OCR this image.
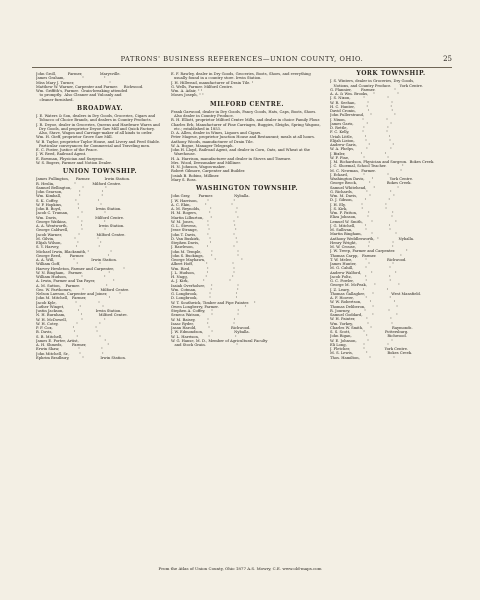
PATRONS' BUSINESS REFERENCES—UNION COUNTY, OHIO.	25
John Groll,          Farmer,               Marysville.
James Graham,               "                 "
Miss Mary J. Turner,                              "
Matthew W. Warner, Carpenter and Farmer.     Richwood.
Wm. Griffith's, Farmer.  Grain-breaking attended
to promptly.  Also Cleaner and Vulcanly and
cleaner furnished.                              "
BROADWAY.
J. E. Waters & Son, dealers in Dry Goods, Groceries, Cigars and Tobacco of Choice Brands, and dealers in Country Products.
J. R. Deyoe, dealer in Groceries, Queens and Hardware Wares and Dry Goods, and proprietor Deyoe Saw Mill and Quick Factory. Also, Stave, Wagon and Carriage-maker of all kinds to order.
Wm. H. Gieff, proprietor Grove Saw Mill.
W. B. Taylor, proprietor Taylor House, and Livery and Feed Stable. Particular conveyances for Commercial and Traveling men.
E. C. Foster, Justice of the Peace.
J. W. Reed, Railroad Agent.
E. Bowman, Physician and Surgeon.
W. S. Bogers, Farmer and Notion Dealer.
UNION TOWNSHIP.
James Fullington,      Farmer.            Irwin Station.
R. Heslin,                 "              Milford Centre.
Samuel Bellington,         "                  "
John Gearson,              "                  "
Wm. Kimball,               "                  "
S. K. Coffey,              "                  "
W. P. Hopkins,             "                  "
John B. Boyd,              "              Irwin Station.
Jacob C. Truman,           "                  "
Wm. Davis,                 "              Milford Centre.
George Watkins,            "                  "
A. A. Wentworth,           "              Irwin Station.
George Caldwell,           "                  "
Jacob Warner,              "              Milford Centre.
M. Gilvin,                 "                  "
Elijah Wilson,             "                  "
S. Y. Harvey,              "                  "
Michael Irwin, Blacksmith, "                  "
George Reed,       Farmer.                    "
A. A. Will,                "              Irwin Station.
William Goff,              "                  "
Harvey Hewleton, Farmer and Carpenter,        "
W. N. Bingham,   Farmer.                      "
William Hudson,            "                  "
A. Irwin, Farmer and Tax Payer,               "
A. M. Sutton,    Farmer.                      "
Geo. W. Farthomrs,         "              Milford Centre.
Nelson Lawson, Carpenter and Joiner,          "
John M. Mitchell,   Farmer,                   "
Jacob Kyle,                "                  "
Luther Winget,             "                  "
Justin Jackson,            "              Irwin Station.
N. H. Burnham,             "              Milford Centre.
W. H. McDowell,            "                  "
W. H. Cotey,               "                  "
P. F. Cox,                 "                  "
B. Davis,                  "                  "
S. B. Mitchell,            "                  "
James E. Porter, Artist,                      "
A. H. Shmeds,        Farmer,                  "
Erwin Shaw,                "                  "
John Mitchell, Sr.,        "                  "
Ephrim Bradbury,           "              Irwin Station.
E. F. Rawley, dealer in Dry Goods, Groceries, Boots, Shoes, and everything usually found in a country store. Irwin Station.
J. H. Hillwead, manufacturer of Drain Tile. "
G. Wells, Farmer. Milford Centre.
Wm. A. Adair, " "
Moses Joseph, " "
MILFORD CENTRE.
Frank Garwood, dealer in Dry Goods, Fancy Goods, Hats, Caps, Boots, Shoes. Also dealer in Country Produce.
R. H. Elliott, proprietor Milford Centre Mills, and dealer in choice Family Flour.
Charles Erb, Manufacturer of Fine Carriages, Buggies, Sleighs, Spring Wagons, etc.; established in 1853.
D. A. Allen, dealer in Wines, Liquors and Cigars.
Peter Magrue, proprietor Junction House and Restaurant; meals at all hours.
Anthony Woods, manufacturer of Drain Tile.
W. A. Bogue, Manager Telegraph.
John H. Lloyd, Railroad Agent, and dealer in Corn, Oats, and Wheat at the Warehouse.
H. A. Harrison, manufacturer and dealer in Stoves and Tinware.
Mrs. Wood, Dressmaker and Milliner.
H. N. Johnson, Wagon-maker.
Robert Gilmore, Carpenter and Builder.
Josiah B. Robins, Milliner.
Mary S. Ross.
WASHINGTON TOWNSHIP.
John Gray,       Farmer.                  Nyballa.
J. W. Harrison,        "                     "
A. C. Ekin,            "                     "
A. M. Reynolds,        "                     "
H. M. Rogers,          "                     "
Martin Lilburton,      "                     "
W. M. Jones,           "                     "
G. L. Stevens,         "                     "
Jesse Strange,         "                     "
John T. Davis,         "                     "
D. Van Buskirk,        "                     "
Stephen Davis,         "                     "
J. Rawleson,           "                     "
John M. Temple,        "                     "
John S. Buckings,      "                     "
George Mayhawn,        "                     "
Albert Hoff,           "                     "
Wm. Ried,              "                     "
J. L. Hudson,          "                     "
H. Nagg,               "                     "
A. J. Kirk,            "                     "
Isaiah Overholser,     "                     "
Wm. Cotman,            "                     "
G. Longbrook,          "                     "
D. Longbrook,          "                     "
W. T. Southwick, Timber and Pipe Painter.    "
Owen Longberry, Farmer.                      "
Stephen A. Coffey,     "                     "
Seneca Watson,         "                     "
W. M. Baisey,          "                     "
Isaac Ryder,           "                     "
Jasan Harold,          "                  Richwood.
J. W. Edmondson,       "                  Nyballa.
W. L. Harrison,        "                     "
W. G. Hanse, M. D., Member of Agricultural Faculty
and Stock Grain.                          "
YORK TOWNSHIP.
J. S. Winters, dealer in Groceries, Dry Goods,
Notions, and Country Produce.       York Centre.
G. Plannier,        Farmer.                "
A. A. & Wm. Brooks,    "                   "
J. S. Nixon,           "                   "
W. R. Seehan,          "                   "
H. C. Hunter,          "                   "
David Cronin,          "                   "
John Fullerstrand,     "                   "
J. Nixon,              "                   "
James Garis,           "                   "
D. Rettle,             "                   "
F. C. Kelly,           "                   "
Uriah Little,          "                   "
Elijah Liston,         "                   "
Andrew Garis,          "                   "
W. A. Phelps,          "                   "
J. Bixler,             "                   "
W. F. Fine,            "                   "
J. M. Richardson, Physician and Surgeon.  Bokes Creek.
J. C. Shoemal, School Teacher.             "
M. C. Newman,  Farmer.                     "
J. Eckard,             "                   "
Washington Davis,      "              York Centre.
George Brock,          "              Bokes Creek.
Samuel Whitehead,      "                   "
G. Richards,           "                   "
Wm. M. Davis,          "                   "
D. J. Gibson,          "                   "
J. H. Ely,             "                   "
J. S. Kirk,            "                   "
Wm. F. Patton,         "                   "
Eliza Johnson,         "                   "
Lemuel W. Smith,       "                   "
J. G. Mitchell,        "                   "
M. Sullivan,           "                   "
Martin Bingham,        "                   "
Anthony Weddlesworth,  "                 Nyballa.
Henry Wright,          "                   "
M. W. Crouse,          "                   "
J. W. Treep, Farmer and Carpenter.         "
Thomas Carpp,   Farmer.                    "
T. W. Melee,           "                 Richwood.
James Hunter,          "                   "
M. G. Cahill,          "                   "
Andrew Walford,        "                   "
Jacob Foltz,           "                   "
G. C. Fowler,          "                   "
George M. McPeak,      "                   "
J. Z. Leary,           "                   "
Thomas Gallagher,      "               West Mansfield.
A. F. Hoover,          "                   "
W. W. Robertson,       "                   "
Thomas Deliberon,      "                   "
R. Journey,            "                   "
Samuel Goddard,        "                   "
W. H. Painter,         "                   "
Wm. Yorkey,            "                   "
Charles W. Smith,      "                 Raymonds.
S. S. Scott,           "                 Pottersburg.
John Rigan,            "                 Richwood.
W. E. Johnson,         "                   "
Eli Long,              "                   "
J. Fletcher,           "                 York Centre.
M. S. Lewis,           "                 Bokes Creek.
Thos. Hamilton,        "                   "
From the Atlas of Union County, Ohio 1877 A.S. Mowry, C.E. www.old-maps.com
